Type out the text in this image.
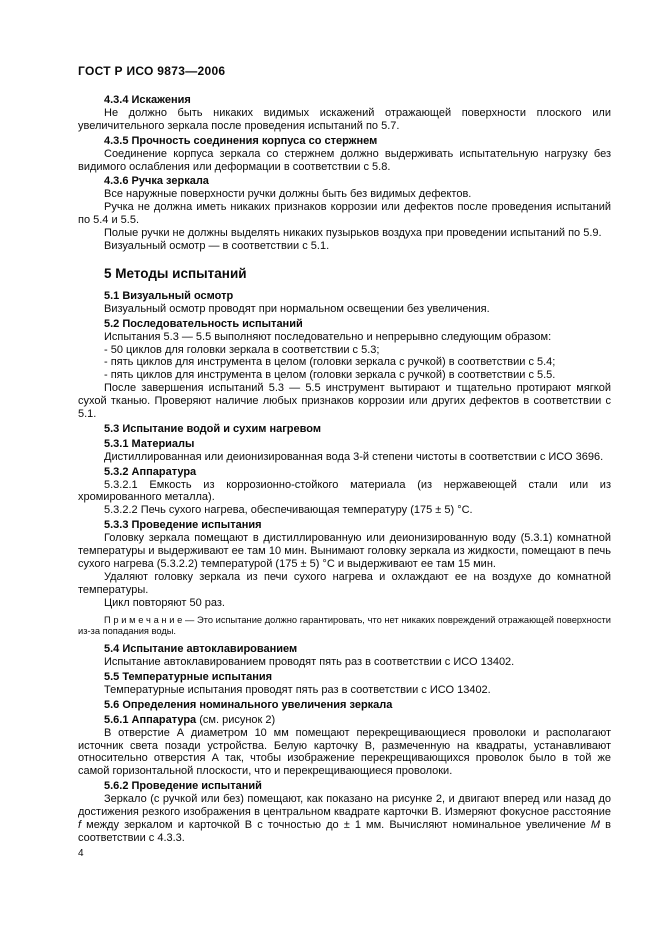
ГОСТ Р ИСО 9873—2006
4.3.4 Искажения
Не должно быть никаких видимых искажений отражающей поверхности плоского или увеличительного зеркала после проведения испытаний по 5.7.
4.3.5 Прочность соединения корпуса со стержнем
Соединение корпуса зеркала со стержнем должно выдерживать испытательную нагрузку без видимого ослабления или деформации в соответствии с 5.8.
4.3.6 Ручка зеркала
Все наружные поверхности ручки должны быть без видимых дефектов.
Ручка не должна иметь никаких признаков коррозии или дефектов после проведения испытаний по 5.4 и 5.5.
Полые ручки не должны выделять никаких пузырьков воздуха при проведении испытаний по 5.9.
Визуальный осмотр — в соответствии с 5.1.
5 Методы испытаний
5.1 Визуальный осмотр
Визуальный осмотр проводят при нормальном освещении без увеличения.
5.2 Последовательность испытаний
Испытания 5.3 — 5.5 выполняют последовательно и непрерывно следующим образом:
- 50 циклов для головки зеркала в соответствии с 5.3;
- пять циклов для инструмента в целом (головки зеркала с ручкой) в соответствии с 5.4;
- пять циклов для инструмента в целом (головки зеркала с ручкой) в соответствии с 5.5.
После завершения испытаний 5.3 — 5.5 инструмент вытирают и тщательно протирают мягкой сухой тканью. Проверяют наличие любых признаков коррозии или других дефектов в соответствии с 5.1.
5.3 Испытание водой и сухим нагревом
5.3.1 Материалы
Дистиллированная или деионизированная вода 3-й степени чистоты в соответствии с ИСО 3696.
5.3.2 Аппаратура
5.3.2.1 Емкость из коррозионно-стойкого материала (из нержавеющей стали или из хромированного металла).
5.3.2.2 Печь сухого нагрева, обеспечивающая температуру (175 ± 5) °С.
5.3.3 Проведение испытания
Головку зеркала помещают в дистиллированную или деионизированную воду (5.3.1) комнатной температуры и выдерживают ее там 10 мин. Вынимают головку зеркала из жидкости, помещают в печь сухого нагрева (5.3.2.2) температурой (175 ± 5) °С и выдерживают ее там 15 мин.
Удаляют головку зеркала из печи сухого нагрева и охлаждают ее на воздухе до комнатной температуры.
Цикл повторяют 50 раз.
П р и м е ч а н и е — Это испытание должно гарантировать, что нет никаких повреждений отражающей поверхности из-за попадания воды.
5.4 Испытание автоклавированием
Испытание автоклавированием проводят пять раз в соответствии с ИСО 13402.
5.5 Температурные испытания
Температурные испытания проводят пять раз в соответствии с ИСО 13402.
5.6 Определения номинального увеличения зеркала
5.6.1 Аппаратура (см. рисунок 2)
В отверстие А диаметром 10 мм помещают перекрещивающиеся проволоки и располагают источник света позади устройства. Белую карточку В, размеченную на квадраты, устанавливают относительно отверстия А так, чтобы изображение перекрещивающихся проволок было в той же самой горизонтальной плоскости, что и перекрещивающиеся проволоки.
5.6.2 Проведение испытаний
Зеркало (с ручкой или без) помещают, как показано на рисунке 2, и двигают вперед или назад до достижения резкого изображения в центральном квадрате карточки В. Измеряют фокусное расстояние f между зеркалом и карточкой В с точностью до ± 1 мм. Вычисляют номинальное увеличение М в соответствии с 4.3.3.
4
